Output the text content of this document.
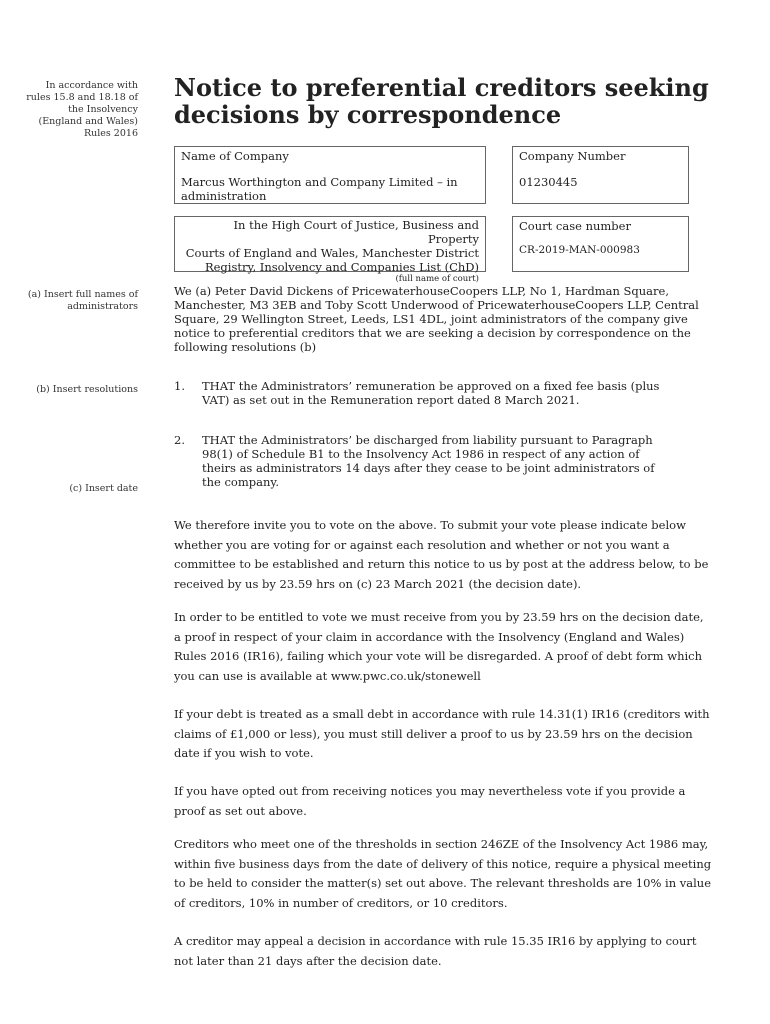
In accordance with
rules 15.8 and 18.18 of
the Insolvency
(England and Wales)
Rules 2016
(a) Insert full names of
administrators
(b) Insert resolutions
(c) Insert date
Notice to preferential creditors seeking decisions by correspondence
Name of Company
Marcus Worthington and Company Limited – in administration
Company Number
01230445
In the High Court of Justice, Business and Property
Courts of England and Wales, Manchester District
Registry, Insolvency and Companies List (ChD)
(full name of court)
Court case number
CR-2019-MAN-000983

We (a) Peter David Dickens of PricewaterhouseCoopers LLP, No 1, Hardman Square, Manchester, M3 3EB and Toby Scott Underwood of PricewaterhouseCoopers LLP, Central Square, 29 Wellington Street, Leeds, LS1 4DL, joint administrators of the company give notice to preferential creditors that we are seeking a decision by correspondence on the following resolutions (b)

1.	THAT the Administrators’ remuneration be approved on a fixed fee basis (plus VAT) as set out in the Remuneration report dated 8 March 2021.
2.	THAT the Administrators’ be discharged from liability pursuant to Paragraph 98(1) of Schedule B1 to the Insolvency Act 1986 in respect of any action of theirs as administrators 14 days after they cease to be joint administrators of the company.

We therefore invite you to vote on the above. To submit your vote please indicate below whether you are voting for or against each resolution and whether or not you want a committee to be established and return this notice to us by post at the address below, to be received by us by 23.59 hrs on (c) 23 March 2021 (the decision date).

In order to be entitled to vote we must receive from you by 23.59 hrs on the decision date, a proof in respect of your claim in accordance with the Insolvency (England and Wales) Rules 2016 (IR16), failing which your vote will be disregarded. A proof of debt form which you can use is available at www.pwc.co.uk/stonewell

If your debt is treated as a small debt in accordance with rule 14.31(1) IR16 (creditors with claims of £1,000 or less), you must still deliver a proof to us by 23.59 hrs on the decision date if you wish to vote.

If you have opted out from receiving notices you may nevertheless vote if you provide a proof as set out above.

Creditors who meet one of the thresholds in section 246ZE of the Insolvency Act 1986 may, within five business days from the date of delivery of this notice, require a physical meeting to be held to consider the matter(s) set out above. The relevant thresholds are 10% in value of creditors, 10% in number of creditors, or 10 creditors.

A creditor may appeal a decision in accordance with rule 15.35 IR16 by applying to court not later than 21 days after the decision date.
